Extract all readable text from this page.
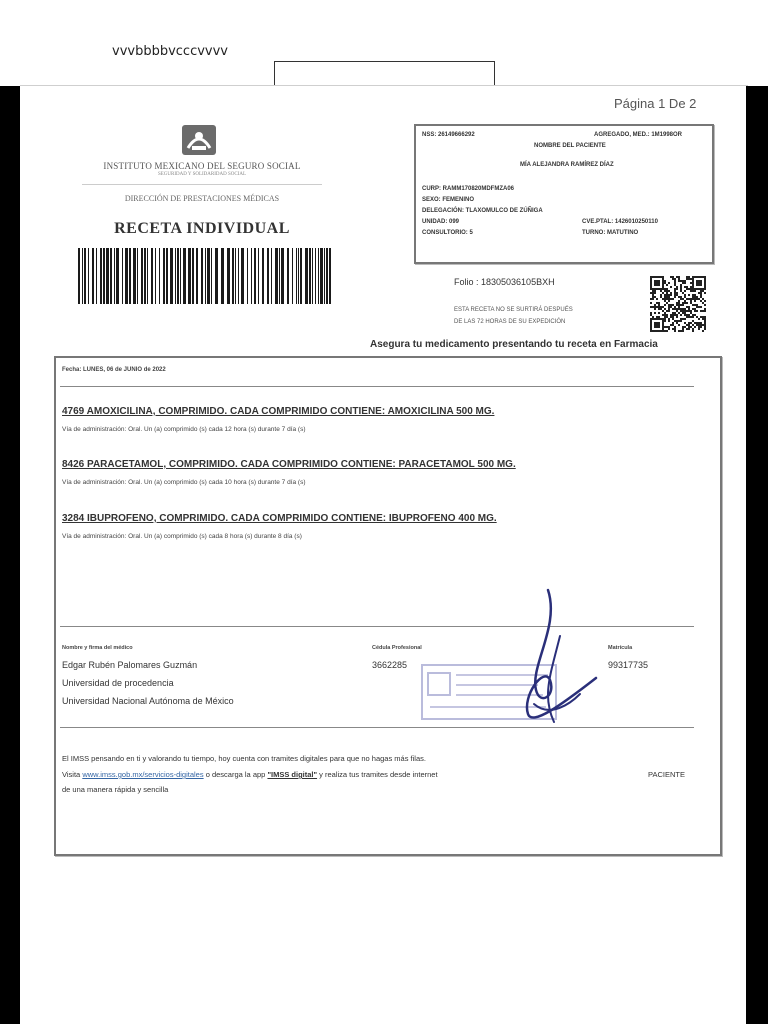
vvvbbbbvcccvvvv
Página 1 De 2
INSTITUTO MEXICANO DEL SEGURO SOCIAL
SEGURIDAD Y SOLIDARIDAD SOCIAL
DIRECCIÓN DE PRESTACIONES MÉDICAS
RECETA INDIVIDUAL
NSS: 26149666292	AGREGADO, MED.: 1M1998OR
NOMBRE DEL PACIENTE
MÍA ALEJANDRA RAMÍREZ DÍAZ
CURP: RAMM170820MDFMZA06
SEXO: FEMENINO
DELEGACIÓN: TLAXOMULCO DE ZÚÑIGA
UNIDAD: 099	CVE.PTAL: 1426010250110
CONSULTORIO: 5	TURNO: MATUTINO
Folio : 18305036105BXH
ESTA RECETA NO SE SURTIRÁ DESPUÉS
DE LAS 72 HORAS DE SU EXPEDICIÓN
Asegura tu medicamento presentando tu receta en Farmacia
Fecha: LUNES, 06 de JUNIO de 2022
4769 AMOXICILINA, COMPRIMIDO. CADA COMPRIMIDO CONTIENE: AMOXICILINA 500 MG.
Vía de administración: Oral. Un (a) comprimido (s) cada 12 hora (s) durante 7 día (s)
8426 PARACETAMOL, COMPRIMIDO. CADA COMPRIMIDO CONTIENE: PARACETAMOL 500 MG.
Vía de administración: Oral. Un (a) comprimido (s) cada 10 hora (s) durante 7 día (s)
3284 IBUPROFENO, COMPRIMIDO. CADA COMPRIMIDO CONTIENE: IBUPROFENO 400 MG.
Vía de administración: Oral. Un (a) comprimido (s) cada 8 hora (s) durante 8 día (s)
Nombre y firma del médico
Edgar Rubén Palomares Guzmán
Universidad de procedencia
Universidad Nacional Autónoma de México
Cédula Profesional
3662285
Matrícula
99317735
El IMSS pensando en ti y valorando tu tiempo, hoy cuenta con tramites digitales para que no hagas más filas.
Visita www.imss.gob.mx/servicios-digitales o descarga la app "IMSS digital" y realiza tus tramites desde internet
de una manera rápida y sencilla
PACIENTE
